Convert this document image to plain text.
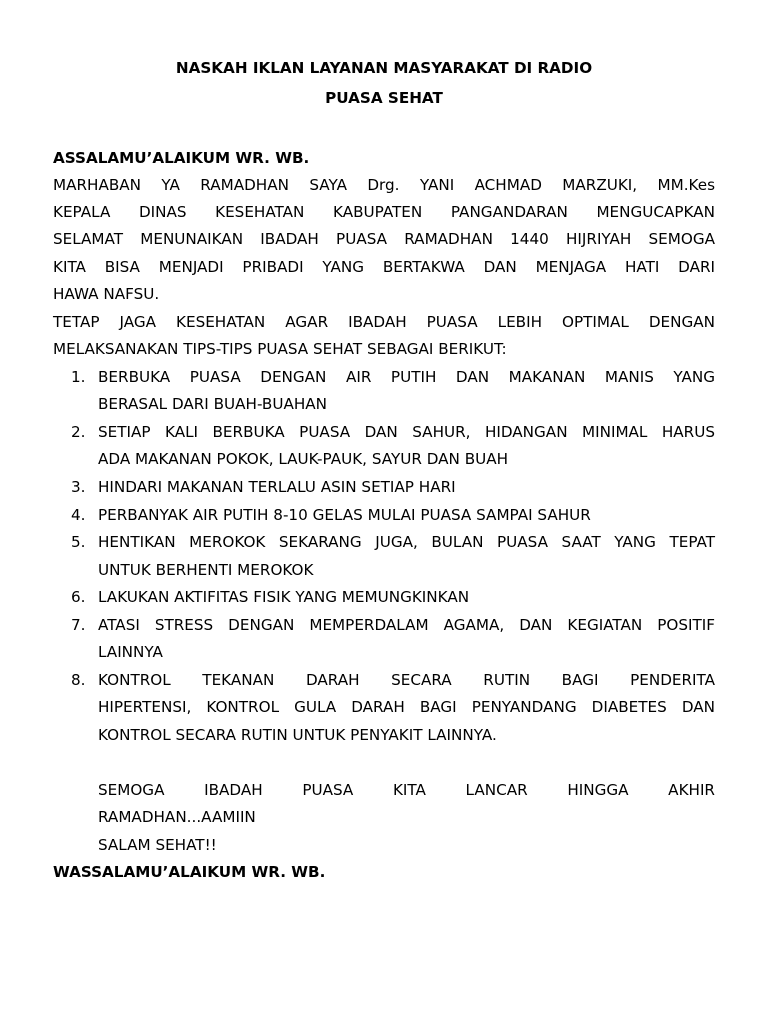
NASKAH IKLAN LAYANAN MASYARAKAT DI RADIO
PUASA SEHAT
ASSALAMU’ALAIKUM WR. WB.
MARHABAN YA RAMADHAN SAYA Drg. YANI ACHMAD MARZUKI, MM.Kes
KEPALA DINAS KESEHATAN KABUPATEN PANGANDARAN MENGUCAPKAN
SELAMAT MENUNAIKAN IBADAH PUASA RAMADHAN 1440 HIJRIYAH SEMOGA
KITA BISA MENJADI PRIBADI YANG BERTAKWA DAN MENJAGA HATI DARI
HAWA NAFSU.
TETAP JAGA KESEHATAN AGAR IBADAH PUASA LEBIH OPTIMAL DENGAN
MELAKSANAKAN TIPS-TIPS PUASA SEHAT SEBAGAI BERIKUT:
1. BERBUKA PUASA DENGAN AIR PUTIH DAN MAKANAN MANIS YANG
BERASAL DARI BUAH-BUAHAN
2. SETIAP KALI BERBUKA PUASA DAN SAHUR, HIDANGAN MINIMAL HARUS
ADA MAKANAN POKOK, LAUK-PAUK, SAYUR DAN BUAH
3. HINDARI MAKANAN TERLALU ASIN SETIAP HARI
4. PERBANYAK AIR PUTIH 8-10 GELAS MULAI PUASA SAMPAI SAHUR
5. HENTIKAN MEROKOK SEKARANG JUGA, BULAN PUASA SAAT YANG TEPAT
UNTUK BERHENTI MEROKOK
6. LAKUKAN AKTIFITAS FISIK YANG MEMUNGKINKAN
7. ATASI STRESS DENGAN MEMPERDALAM AGAMA, DAN KEGIATAN POSITIF
LAINNYA
8. KONTROL TEKANAN DARAH SECARA RUTIN BAGI PENDERITA
HIPERTENSI, KONTROL GULA DARAH BAGI PENYANDANG DIABETES DAN
KONTROL SECARA RUTIN UNTUK PENYAKIT LAINNYA.
SEMOGA IBADAH PUASA KITA LANCAR HINGGA AKHIR
RAMADHAN...AAMIIN
SALAM SEHAT!!
WASSALAMU’ALAIKUM WR. WB.
